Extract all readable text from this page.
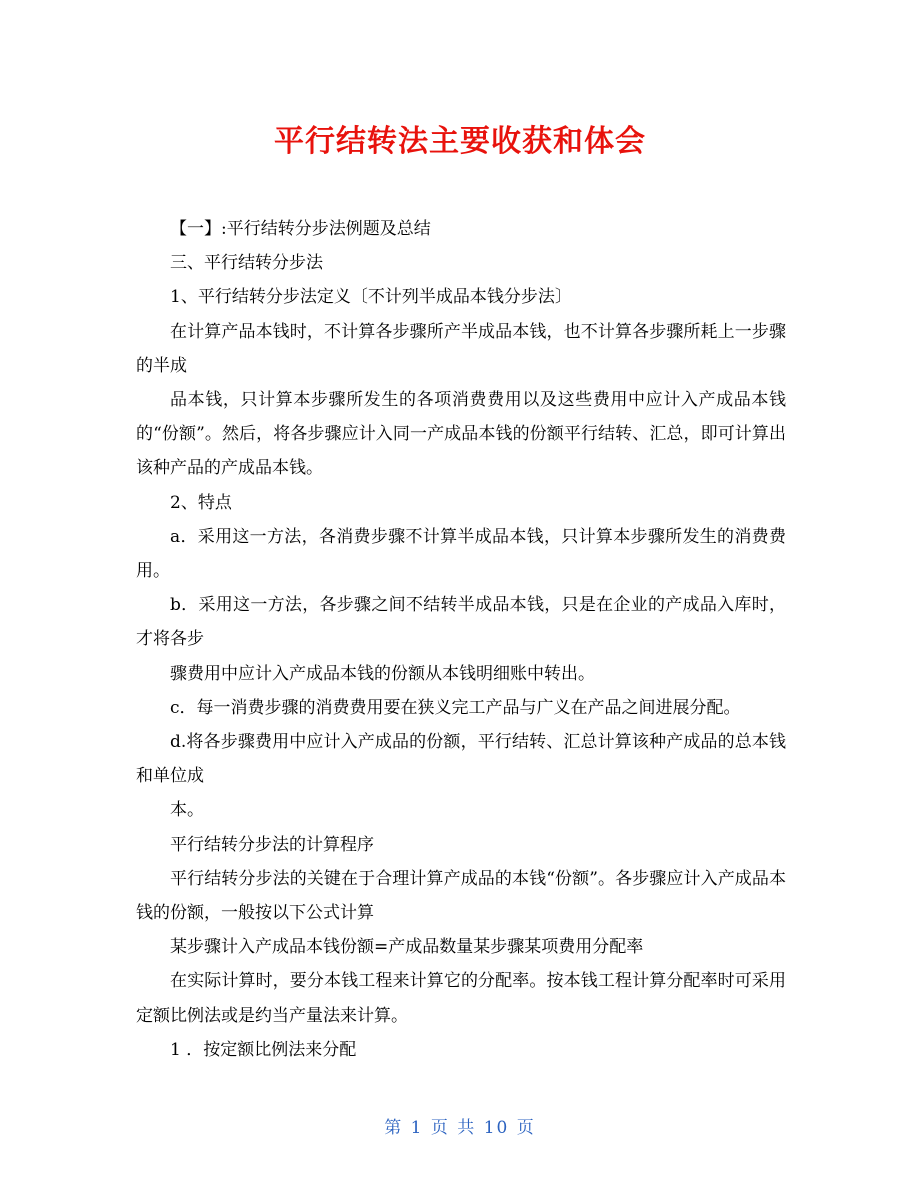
平行结转法主要收获和体会

【一】:平行结转分步法例题及总结

三、平行结转分步法

1、平行结转分步法定义〔不计列半成品本钱分步法〕

在计算产品本钱时，不计算各步骤所产半成品本钱，也不计算各步骤所耗上一步骤的半成

品本钱，只计算本步骤所发生的各项消费费用以及这些费用中应计入产成品本钱的“份额”。然后，将各步骤应计入同一产成品本钱的份额平行结转、汇总，即可计算出该种产品的产成品本钱。

2、特点

a．采用这一方法，各消费步骤不计算半成品本钱，只计算本步骤所发生的消费费用。

b．采用这一方法，各步骤之间不结转半成品本钱，只是在企业的产成品入库时，才将各步

骤费用中应计入产成品本钱的份额从本钱明细账中转出。

c．每一消费步骤的消费费用要在狭义完工产品与广义在产品之间进展分配。

d.将各步骤费用中应计入产成品的份额，平行结转、汇总计算该种产成品的总本钱和单位成

本。

平行结转分步法的计算程序

平行结转分步法的关键在于合理计算产成品的本钱“份额”。各步骤应计入产成品本钱的份额，一般按以下公式计算

某步骤计入产成品本钱份额=产成品数量某步骤某项费用分配率

在实际计算时，要分本钱工程来计算它的分配率。按本钱工程计算分配率时可采用定额比例法或是约当产量法来计算。

1 ．按定额比例法来分配

第 1 页 共 10 页
